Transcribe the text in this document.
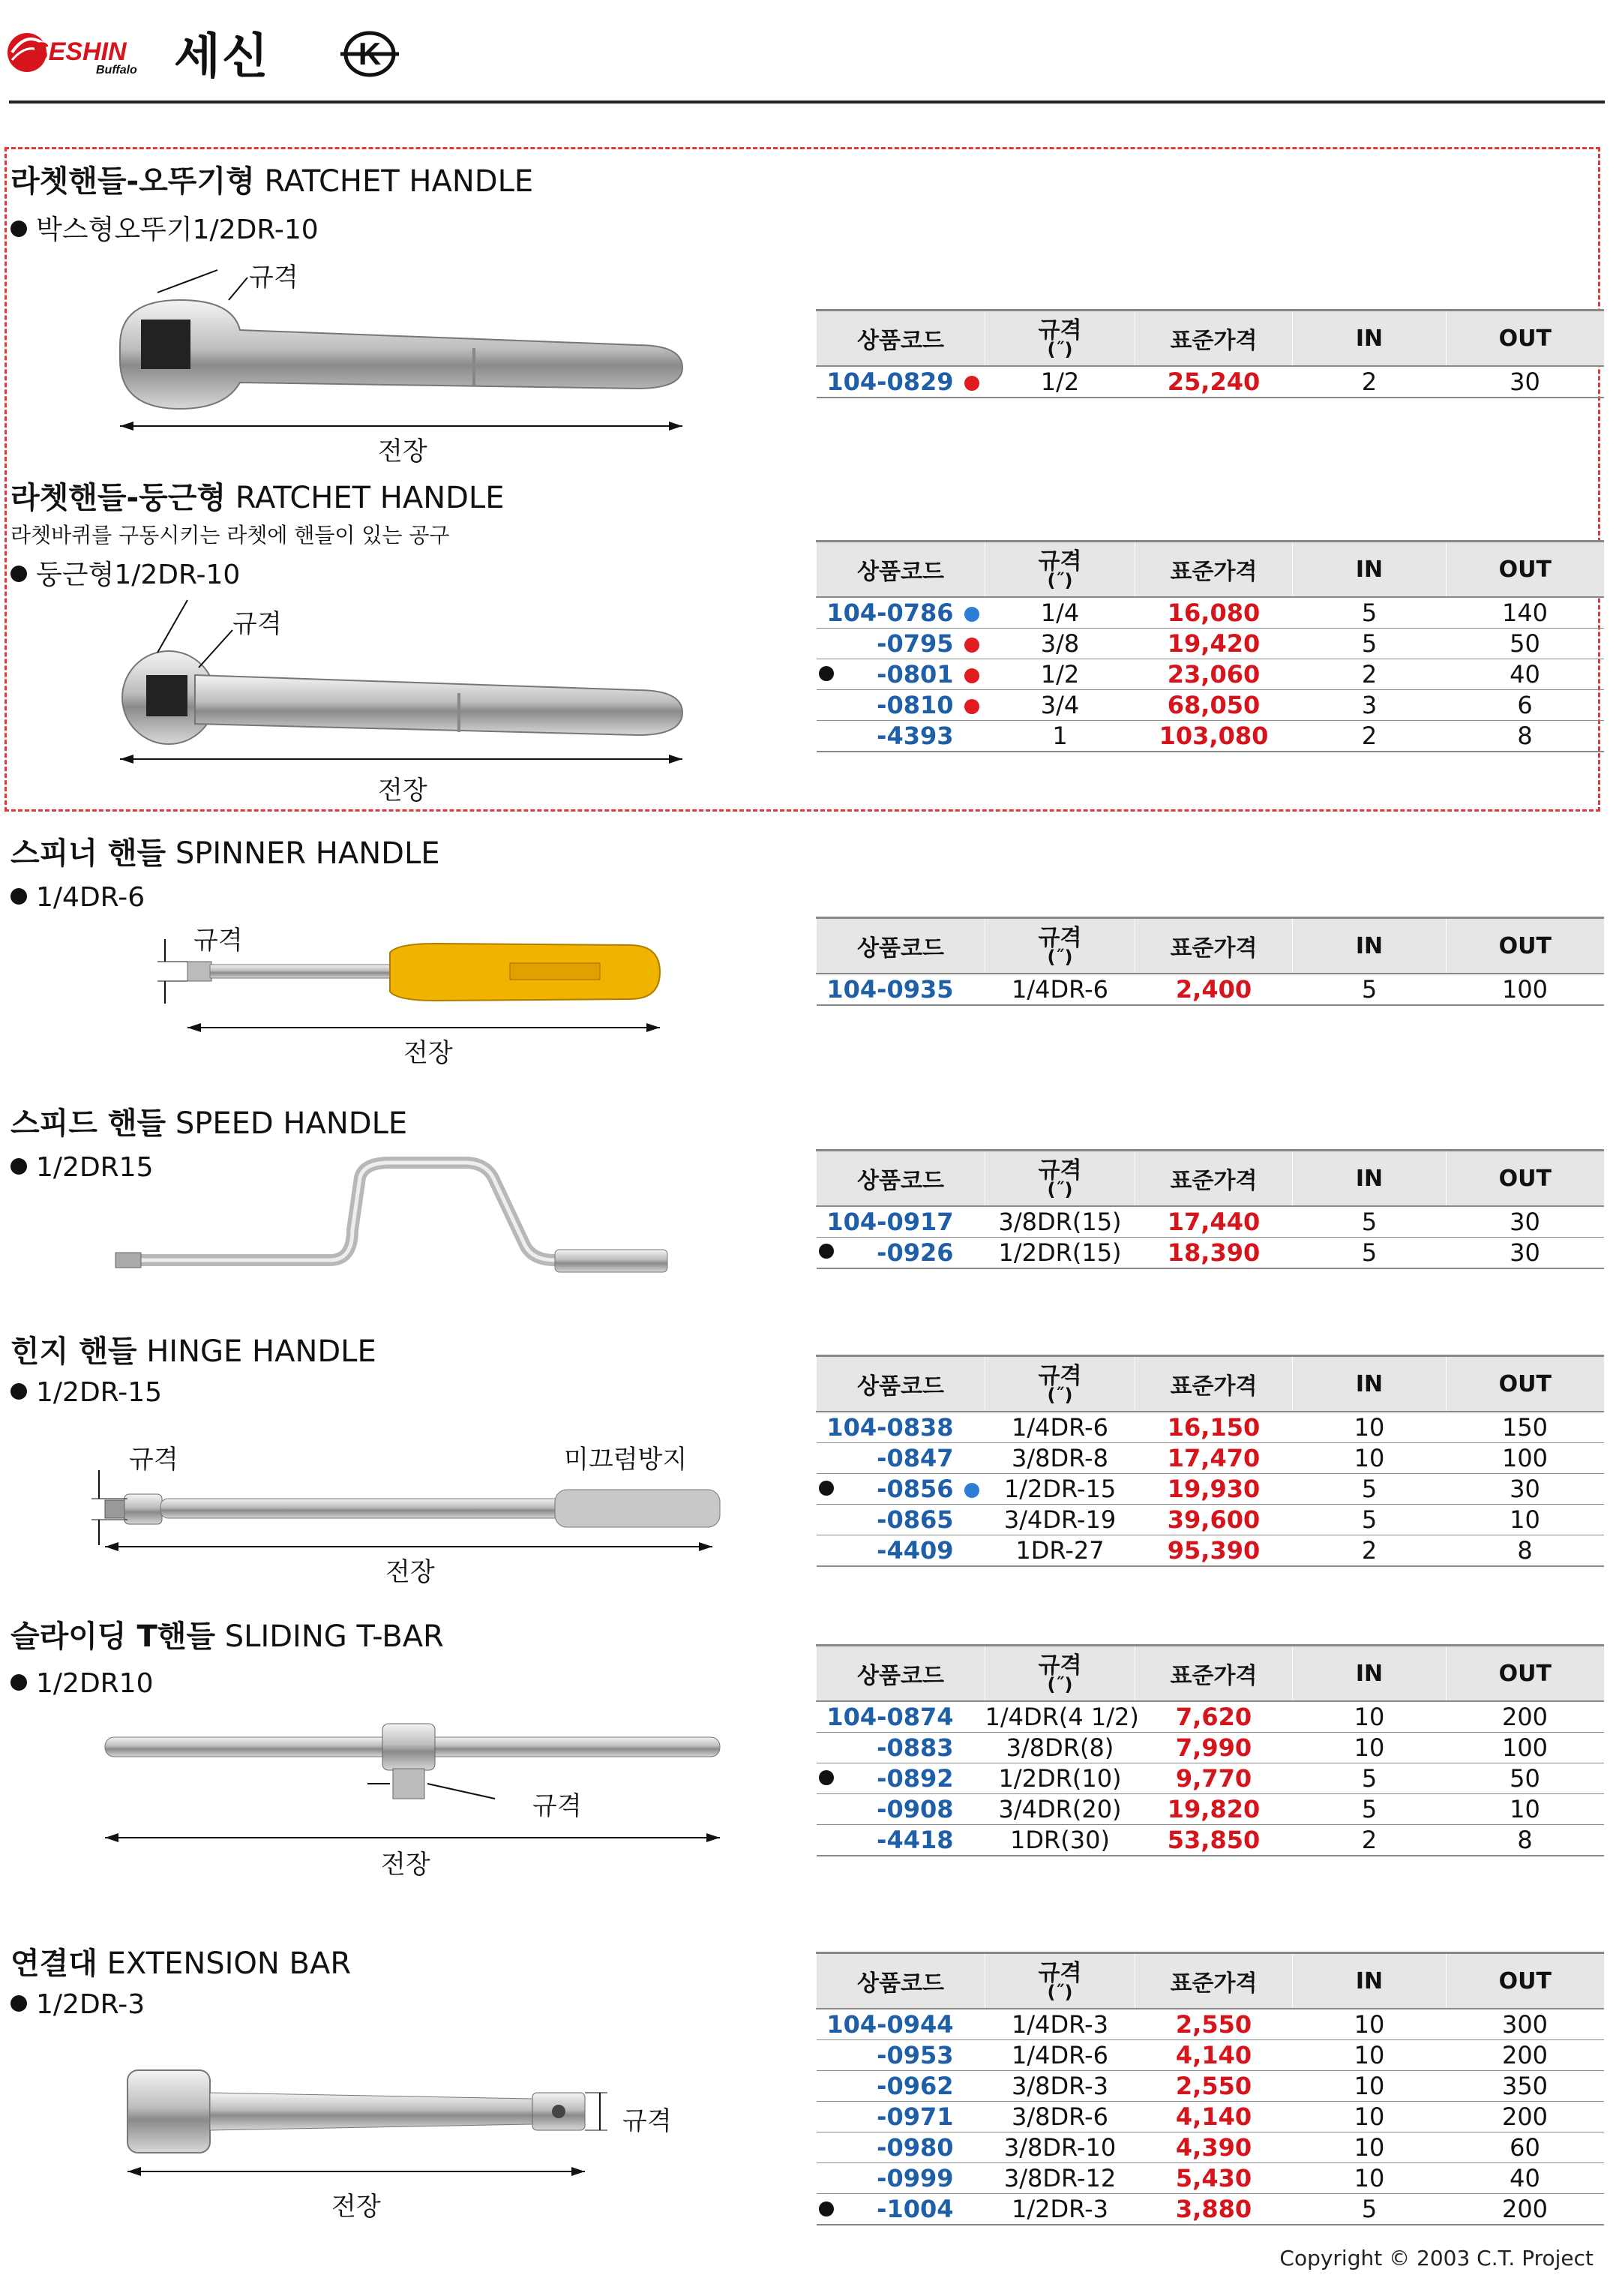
SESHIN
Buffalo 세신	K
라쳇핸들-오뚜기형 RATCHET HANDLE
박스형오뚜기1/2DR-10
규격
전장
상품코드	규격
(˝)	표준가격	IN	OUT
104-0829	1/2	25,240	2	30
라쳇핸들-둥근형 RATCHET HANDLE
라쳇바퀴를 구동시키는 라쳇에 핸들이 있는 공구
둥근형1/2DR-10
규격
전장
상품코드	규격
(˝)	표준가격	IN	OUT
104-0786	1/4	16,080	5	140
-0795	3/8	19,420	5	50
-0801	1/2	23,060	2	40
-0810	3/4	68,050	3	6
-4393	1	103,080	2	8
스피너 핸들 SPINNER HANDLE
1/4DR-6
규격
전장
상품코드	규격
(˝)	표준가격	IN	OUT
104-0935	1/4DR-6	2,400	5	100
스피드 핸들 SPEED HANDLE
1/2DR15	상품코드	규격
(˝)	표준가격	IN	OUT
104-0917	3/8DR(15)	17,440	5	30
-0926	1/2DR(15)	18,390	5	30
힌지 핸들 HINGE HANDLE
1/2DR-15
규격	미끄럼방지
전장
상품코드	규격
(˝)	표준가격	IN	OUT
104-0838	1/4DR-6	16,150	10	150
-0847	3/8DR-8	17,470	10	100
-0856	1/2DR-15	19,930	5	30
-0865	3/4DR-19	39,600	5	10
-4409	1DR-27	95,390	2	8
슬라이딩 T핸들 SLIDING T-BAR
1/2DR10
규격
전장
상품코드	규격
(˝)	표준가격	IN	OUT
104-0874	1/4DR(4 1/2)	7,620	10	200
-0883	3/8DR(8)	7,990	10	100
-0892	1/2DR(10)	9,770	5	50
-0908	3/4DR(20)	19,820	5	10
-4418	1DR(30)	53,850	2	8
연결대 EXTENSION BAR
1/2DR-3
규격
전장
상품코드	규격
(˝)	표준가격	IN	OUT
104-0944	1/4DR-3	2,550	10	300
-0953	1/4DR-6	4,140	10	200
-0962	3/8DR-3	2,550	10	350
-0971	3/8DR-6	4,140	10	200
-0980	3/8DR-10	4,390	10	60
-0999	3/8DR-12	5,430	10	40
-1004	1/2DR-3	3,880	5	200
Copyright © 2003 C.T. Project
